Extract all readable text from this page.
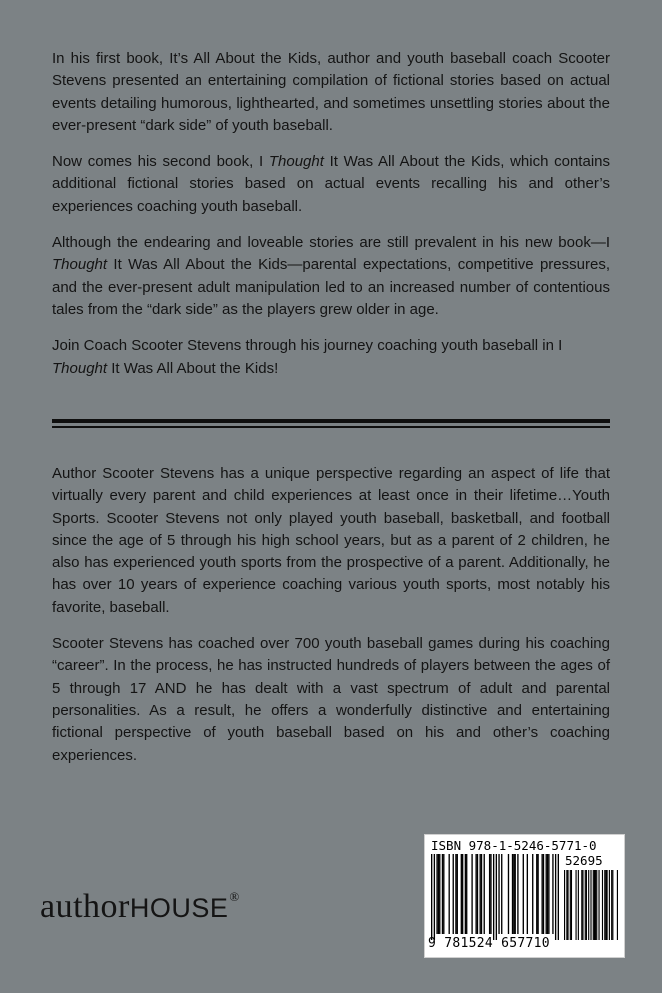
In his first book, It’s All About the Kids, author and youth baseball coach Scooter Stevens presented an entertaining compilation of fictional stories based on actual events detailing humorous, lighthearted, and sometimes unsettling stories about the ever-present “dark side” of youth baseball.

Now comes his second book, I Thought It Was All About the Kids, which contains additional fictional stories based on actual events recalling his and other’s experiences coaching youth baseball.

Although the endearing and loveable stories are still prevalent in his new book—I Thought It Was All About the Kids—parental expectations, competitive pressures, and the ever-present adult manipulation led to an increased number of contentious tales from the “dark side” as the players grew older in age.

Join Coach Scooter Stevens through his journey coaching youth baseball in I Thought It Was All About the Kids!

Author Scooter Stevens has a unique perspective regarding an aspect of life that virtually every parent and child experiences at least once in their lifetime…Youth Sports. Scooter Stevens not only played youth baseball, basketball, and football since the age of 5 through his high school years, but as a parent of 2 children, he also has experienced youth sports from the prospective of a parent. Additionally, he has over 10 years of experience coaching various youth sports, most notably his favorite, baseball.

Scooter Stevens has coached over 700 youth baseball games during his coaching “career”. In the process, he has instructed hundreds of players between the ages of 5 through 17 AND he has dealt with a vast spectrum of adult and parental personalities. As a result, he offers a wonderfully distinctive and entertaining fictional perspective of youth baseball based on his and other’s coaching experiences.

authorHOUSE®
ISBN 978-1-5246-5771-0
52695
9 781524 657710
